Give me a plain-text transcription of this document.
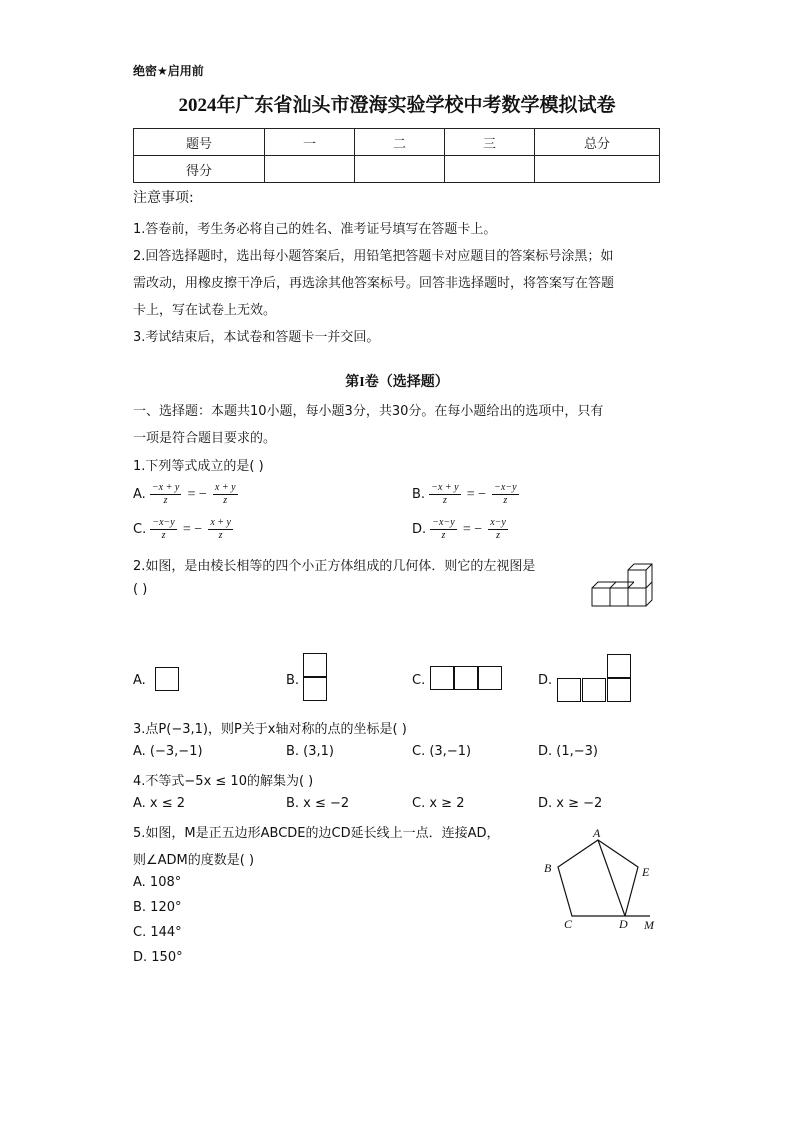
绝密★启用前
2024年广东省汕头市澄海实验学校中考数学模拟试卷
题号	一	二	三	总分
得分				
注意事项:
1.答卷前，考生务必将自己的姓名、准考证号填写在答题卡上。
2.回答选择题时，选出每小题答案后，用铅笔把答题卡对应题目的答案标号涂黑；如
需改动，用橡皮擦干净后，再选涂其他答案标号。回答非选择题时，将答案写在答题
卡上，写在试卷上无效。
3.考试结束后，本试卷和答题卡一并交回。
第I卷（选择题）
一、选择题：本题共10小题，每小题3分，共30分。在每小题给出的选项中，只有
一项是符合题目要求的。
1.下列等式成立的是( )
A. $\frac{-x + y}{z}$ = − $\frac{x + y}{z}$	B. $\frac{-x + y}{z}$ = − $\frac{-x-y}{z}$
C. $\frac{-x-y}{z}$ = − $\frac{x + y}{z}$	D. $\frac{-x-y}{z}$ = − $\frac{x-y}{z}$
2.如图，是由棱长相等的四个小正方体组成的几何体．则它的左视图是
( )
A.	B.	C.	D.
3.点P(−3,1)，则P关于x轴对称的点的坐标是( )
A. (−3,−1)	B. (3,1)	C. (3,−1)	D. (1,−3)
4.不等式−5x ≤ 10的解集为( )
A. x ≤ 2	B. x ≤ −2	C. x ≥ 2	D. x ≥ −2
5.如图，M是正五边形ABCDE的边CD延长线上一点．连接AD，
则∠ADM的度数是( )
A. 108°
B. 120°
C. 144°
D. 150°
A
B
C	D
E
M
